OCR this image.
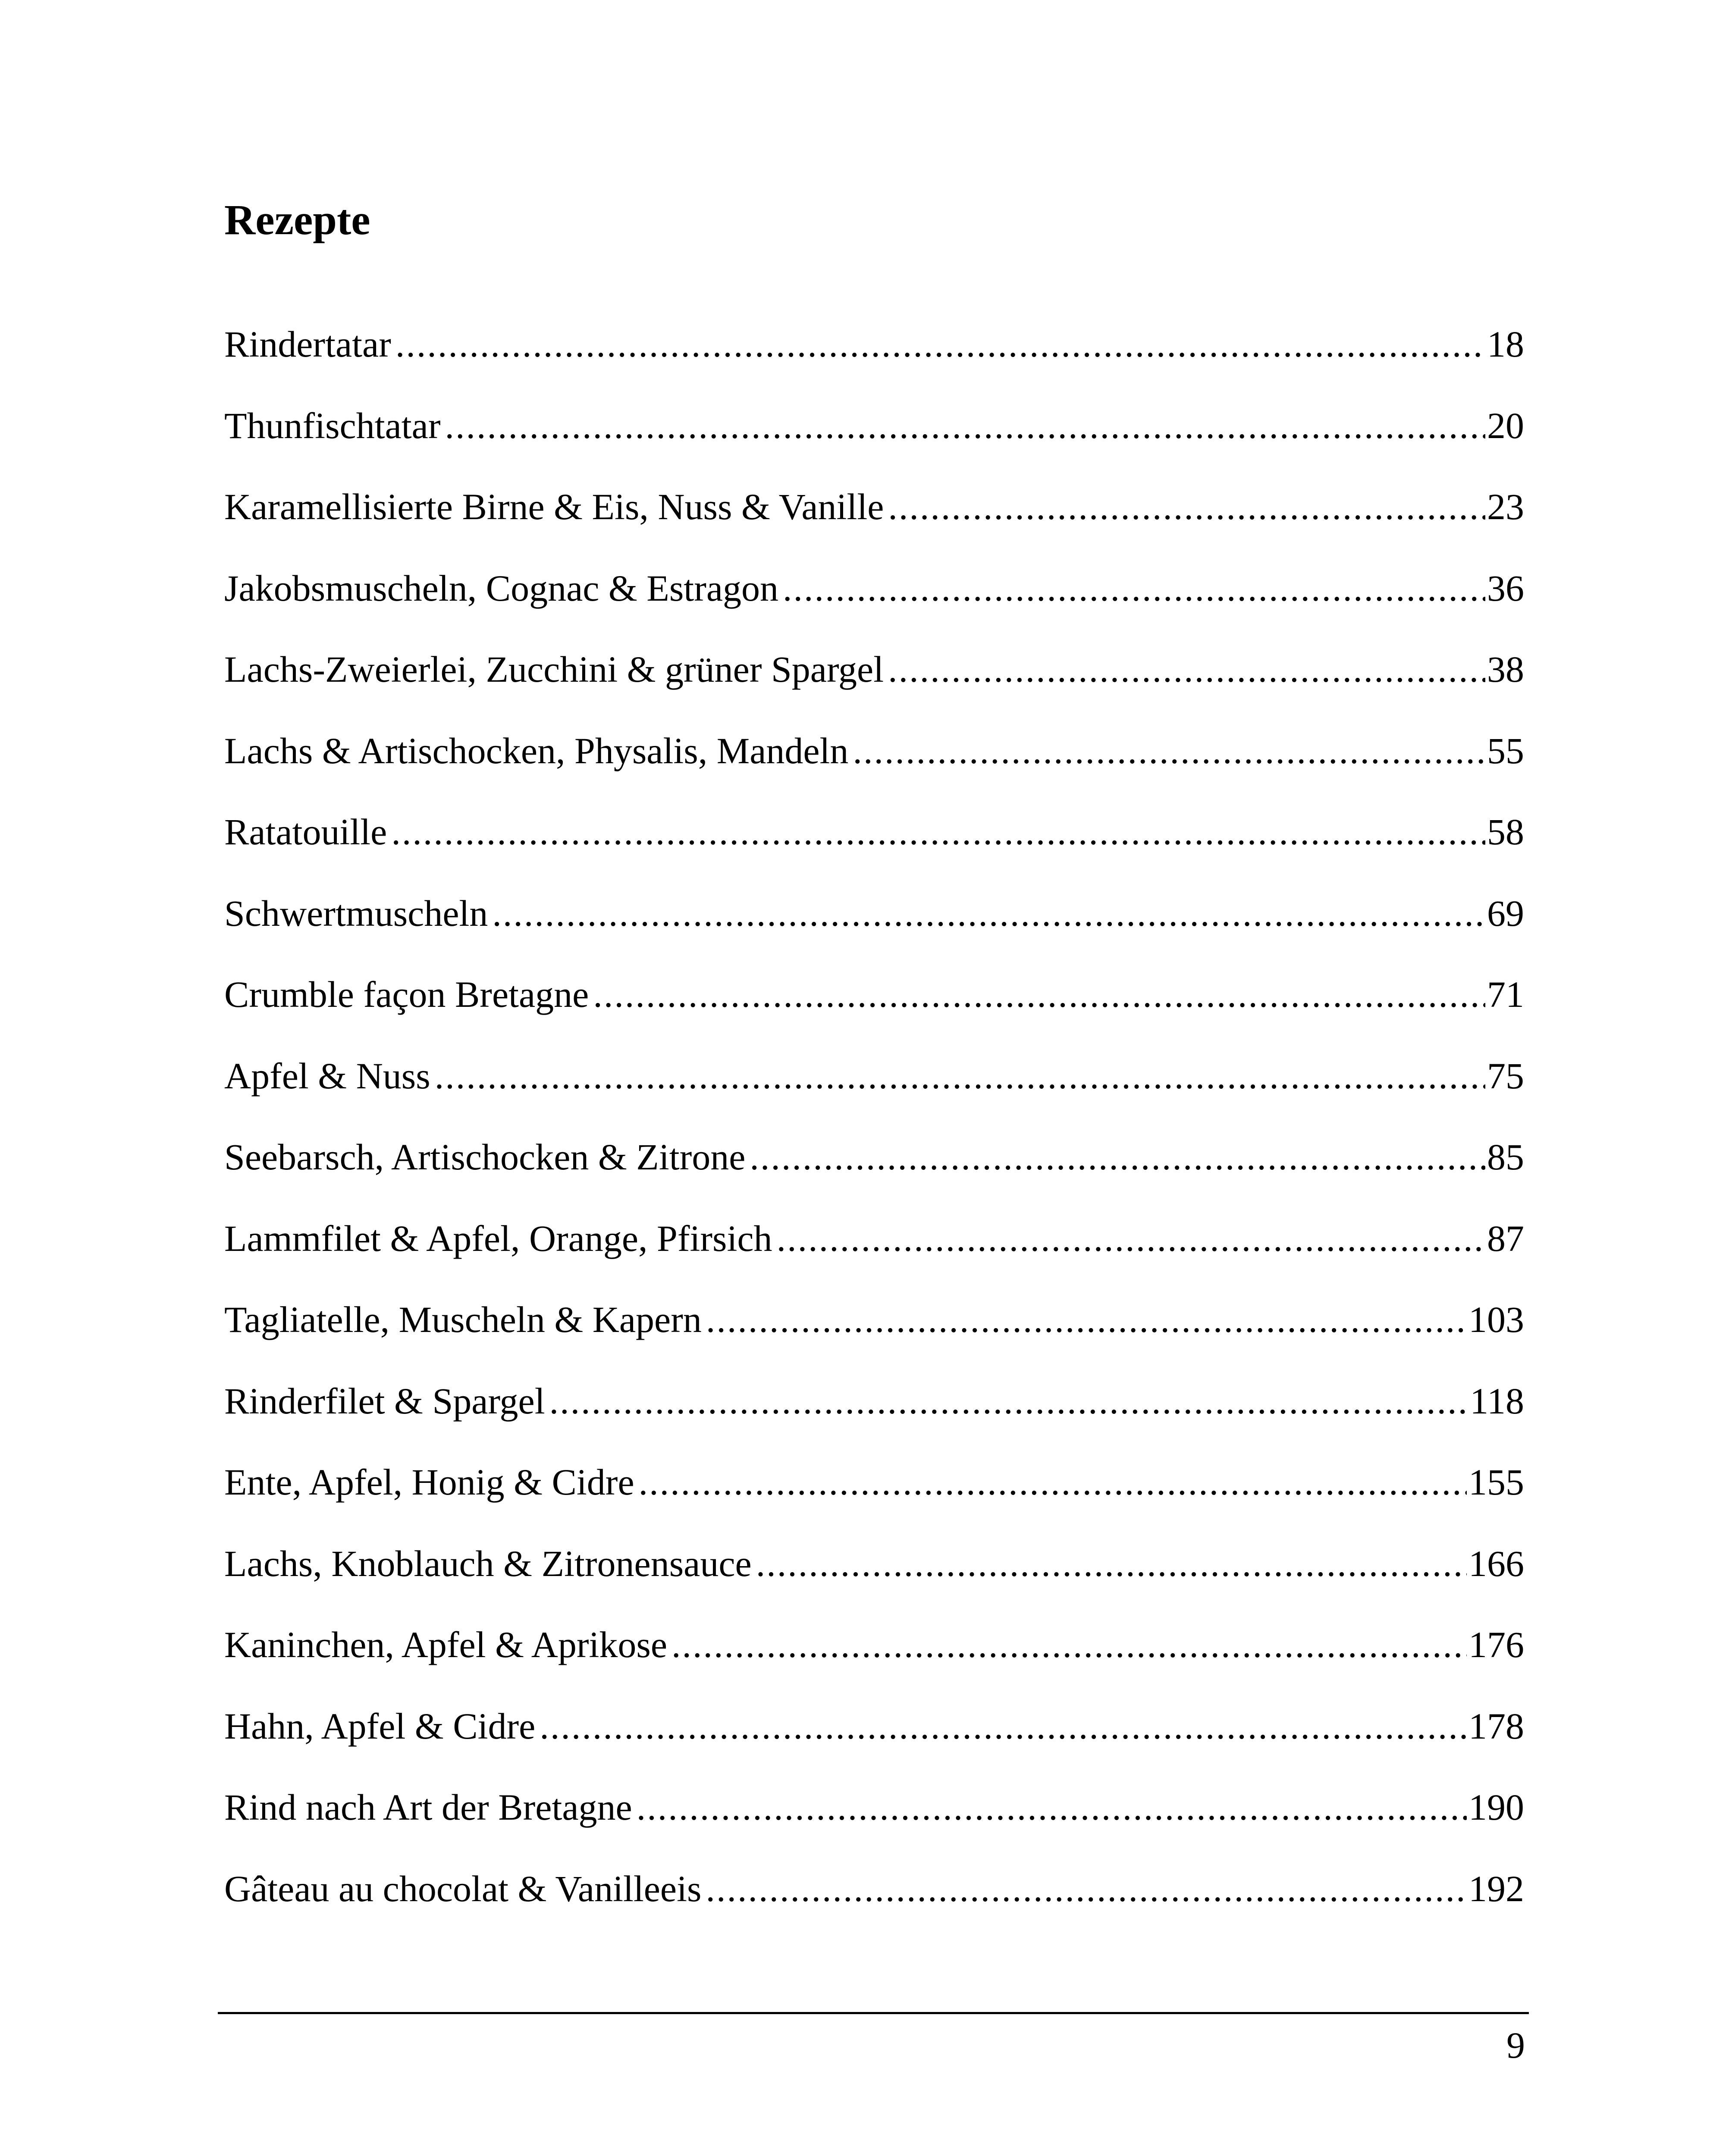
Rezepte
Rindertatar .....	18
Thunfischtatar .....	20
Karamellisierte Birne & Eis, Nuss & Vanille .....	23
Jakobsmuscheln, Cognac & Estragon .....	36
Lachs-Zweierlei, Zucchini & grüner Spargel .....	38
Lachs & Artischocken, Physalis, Mandeln .....	55
Ratatouille .....	58
Schwertmuscheln .....	69
Crumble façon Bretagne .....	71
Apfel & Nuss .....	75
Seebarsch, Artischocken & Zitrone .....	85
Lammfilet & Apfel, Orange, Pfirsich .....	87
Tagliatelle, Muscheln & Kapern .....	103
Rinderfilet & Spargel .....	118
Ente, Apfel, Honig & Cidre .....	155
Lachs, Knoblauch & Zitronensauce .....	166
Kaninchen, Apfel & Aprikose .....	176
Hahn, Apfel & Cidre .....	178
Rind nach Art der Bretagne .....	190
Gâteau au chocolat & Vanilleeis .....	192
9
